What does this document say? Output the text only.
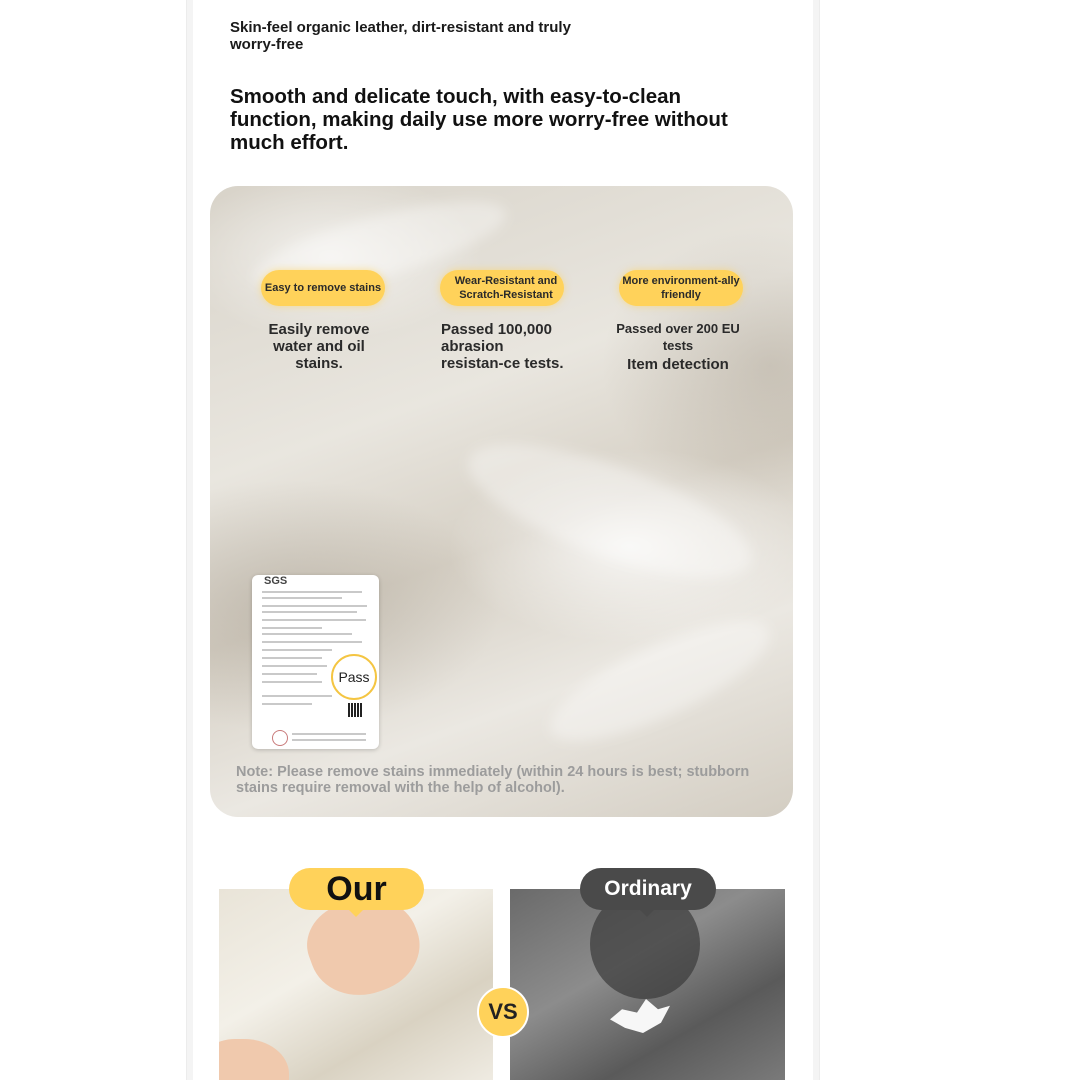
Skin-feel organic leather, dirt-resistant and truly worry-free
Smooth and delicate touch, with easy-to-clean function, making daily use more worry-free without much effort.
Easy to remove stains
Wear-Resistant and Scratch-Resistant
More environment-ally friendly
Easily remove water and oil stains.
Passed 100,000 abrasion resistan-ce tests.
Passed over 200 EU tests
Item detection
SGS
Pass
Note: Please remove stains immediately (within 24 hours is best; stubborn stains require removal with the help of alcohol).
Our	Ordinary
VS
